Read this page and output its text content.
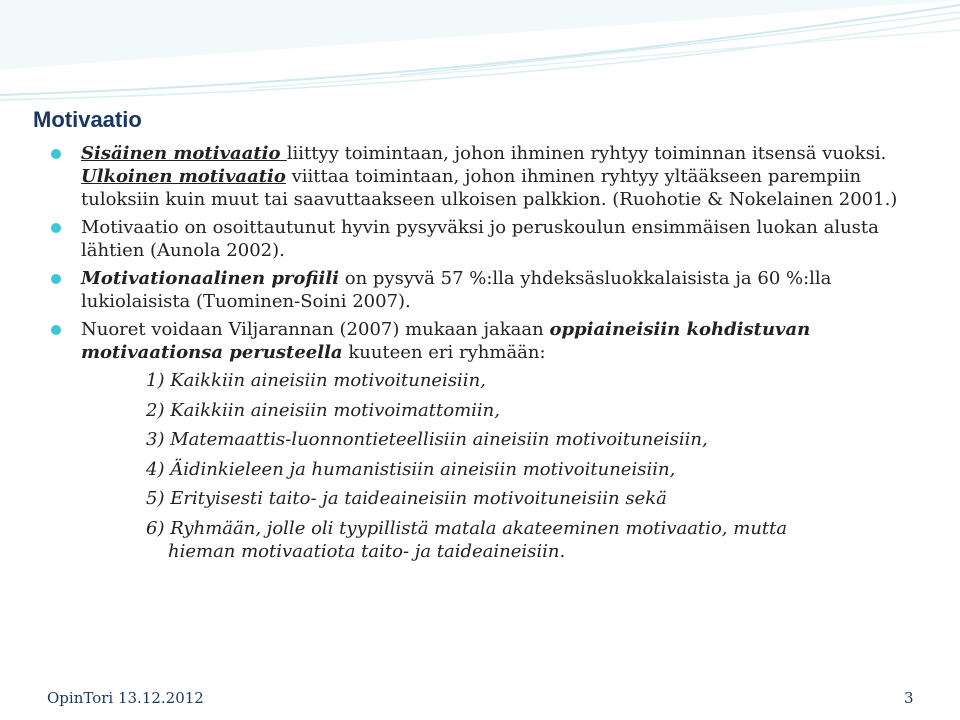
Motivaatio
Sisäinen motivaatio liittyy toimintaan, johon ihminen ryhtyy toiminnan itsensä vuoksi. Ulkoinen motivaatio viittaa toimintaan, johon ihminen ryhtyy yltääkseen parempiin tuloksiin kuin muut tai saavuttaakseen ulkoisen palkkion. (Ruohotie & Nokelainen 2001.)
Motivaatio on osoittautunut hyvin pysyväksi jo peruskoulun ensimmäisen luokan alusta lähtien (Aunola 2002).
Motivationaalinen profiili on pysyvä 57 %:lla yhdeksäsluokkalaisista ja 60 %:lla lukiolaisista (Tuominen-Soini 2007).
Nuoret voidaan Viljarannan (2007) mukaan jakaan oppiaineisiin kohdistuvan motivaationsa perusteella kuuteen eri ryhmään:
1) Kaikkiin aineisiin motivoituneisiin,
2) Kaikkiin aineisiin motivoimattomiin,
3) Matemaattis-luonnontieteellisiin aineisiin motivoituneisiin,
4) Äidinkieleen ja humanistisiin aineisiin motivoituneisiin,
5) Erityisesti taito- ja taideaineisiin motivoituneisiin sekä
6) Ryhmään, jolle oli tyypillistä matala akateeminen motivaatio, mutta
hieman motivaatiota taito- ja taideaineisiin.
OpinTori 13.12.2012	3
